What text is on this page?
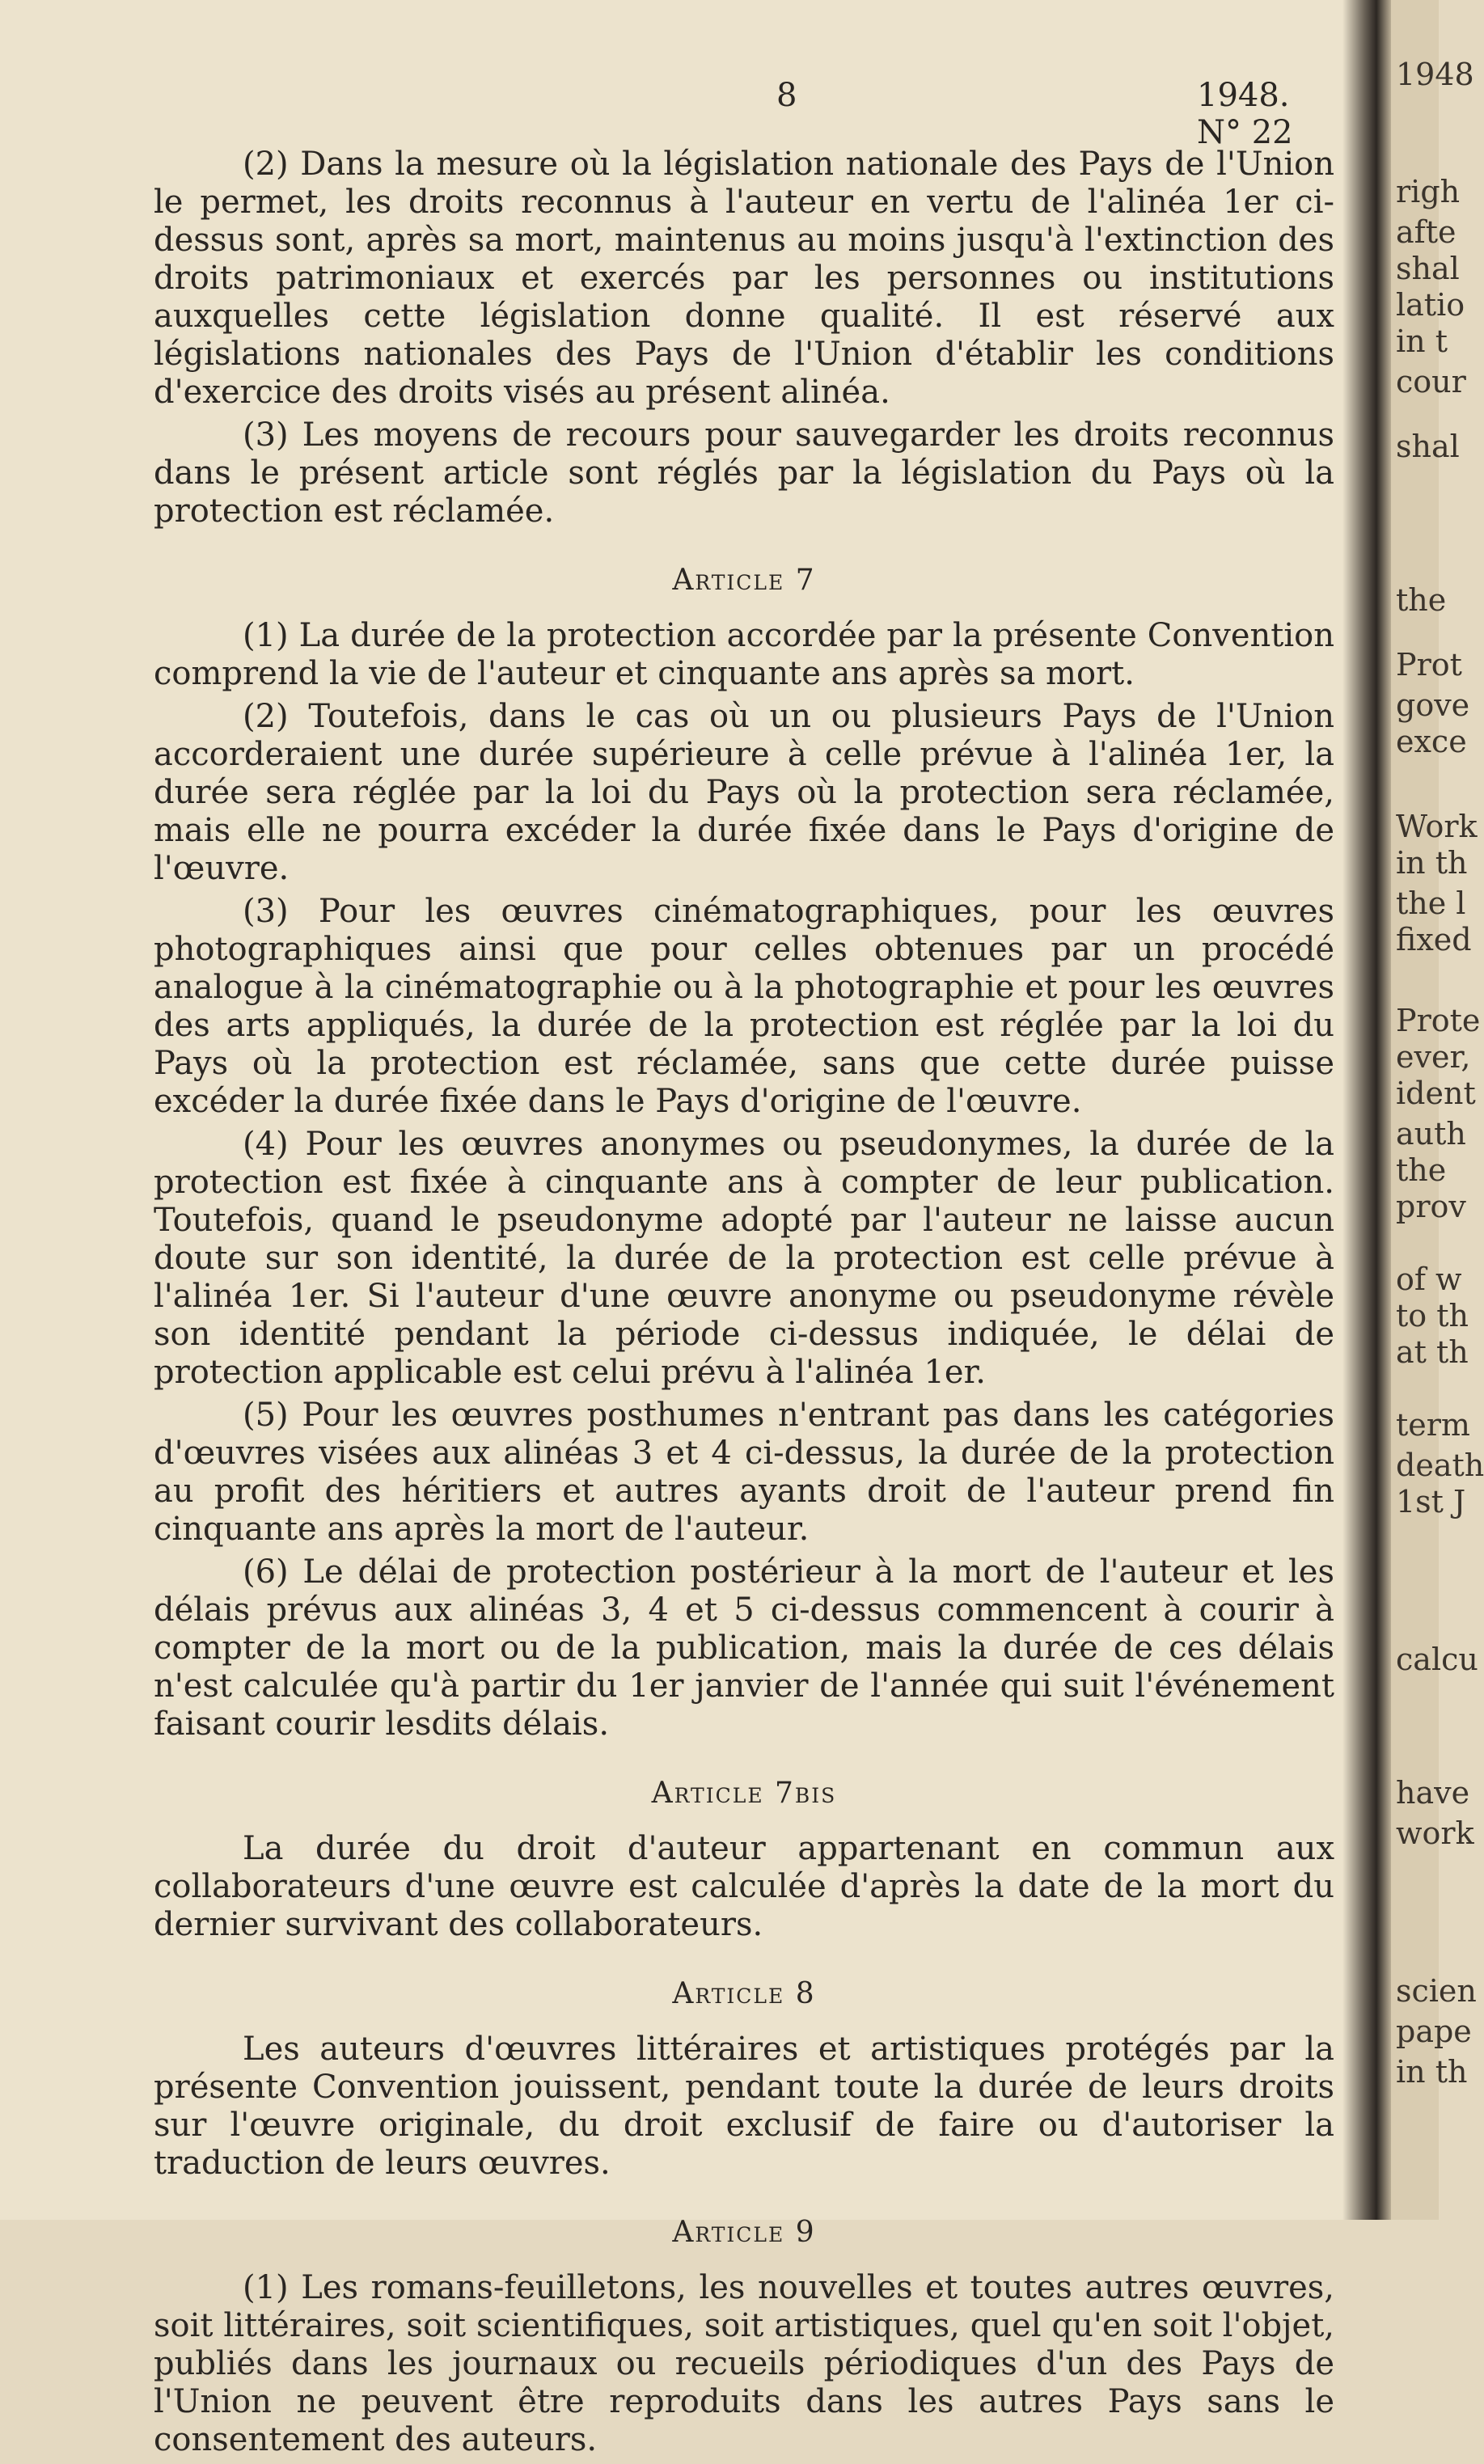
8	1948. N° 22

(2) Dans la mesure où la législation nationale des Pays de l'Union le permet, les droits reconnus à l'auteur en vertu de l'alinéa 1er ci-dessus sont, après sa mort, maintenus au moins jusqu'à l'extinction des droits patrimoniaux et exercés par les personnes ou institutions auxquelles cette législation donne qualité. Il est réservé aux législations nationales des Pays de l'Union d'établir les conditions d'exercice des droits visés au présent alinéa.

(3) Les moyens de recours pour sauvegarder les droits reconnus dans le présent article sont réglés par la législation du Pays où la protection est réclamée.

Article 7

(1) La durée de la protection accordée par la présente Convention comprend la vie de l'auteur et cinquante ans après sa mort.

(2) Toutefois, dans le cas où un ou plusieurs Pays de l'Union accorderaient une durée supérieure à celle prévue à l'alinéa 1er, la durée sera réglée par la loi du Pays où la protection sera réclamée, mais elle ne pourra excéder la durée fixée dans le Pays d'origine de l'œuvre.

(3) Pour les œuvres cinématographiques, pour les œuvres photographiques ainsi que pour celles obtenues par un procédé analogue à la cinématographie ou à la photographie et pour les œuvres des arts appliqués, la durée de la protection est réglée par la loi du Pays où la protection est réclamée, sans que cette durée puisse excéder la durée fixée dans le Pays d'origine de l'œuvre.

(4) Pour les œuvres anonymes ou pseudonymes, la durée de la protection est fixée à cinquante ans à compter de leur publication. Toutefois, quand le pseudonyme adopté par l'auteur ne laisse aucun doute sur son identité, la durée de la protection est celle prévue à l'alinéa 1er. Si l'auteur d'une œuvre anonyme ou pseudonyme révèle son identité pendant la période ci-dessus indiquée, le délai de protection applicable est celui prévu à l'alinéa 1er.

(5) Pour les œuvres posthumes n'entrant pas dans les catégories d'œuvres visées aux alinéas 3 et 4 ci-dessus, la durée de la protection au profit des héritiers et autres ayants droit de l'auteur prend fin cinquante ans après la mort de l'auteur.

(6) Le délai de protection postérieur à la mort de l'auteur et les délais prévus aux alinéas 3, 4 et 5 ci-dessus commencent à courir à compter de la mort ou de la publication, mais la durée de ces délais n'est calculée qu'à partir du 1er janvier de l'année qui suit l'événement faisant courir lesdits délais.

Article 7bis

La durée du droit d'auteur appartenant en commun aux collaborateurs d'une œuvre est calculée d'après la date de la mort du dernier survivant des collaborateurs.

Article 8

Les auteurs d'œuvres littéraires et artistiques protégés par la présente Convention jouissent, pendant toute la durée de leurs droits sur l'œuvre originale, du droit exclusif de faire ou d'autoriser la traduction de leurs œuvres.

Article 9

(1) Les romans-feuilletons, les nouvelles et toutes autres œuvres, soit littéraires, soit scientifiques, soit artistiques, quel qu'en soit l'objet, publiés dans les journaux ou recueils périodiques d'un des Pays de l'Union ne peuvent être reproduits dans les autres Pays sans le consentement des auteurs.

1948
righ
afte
shal
latio
in t
cour
shal
the
Prot
gove
exce
Work
in th
the l
fixed
Prote
ever,
ident
auth
the
prov
of w
to th
at th
term
death
1st J
calcu
have
work
scien
pape
in th
